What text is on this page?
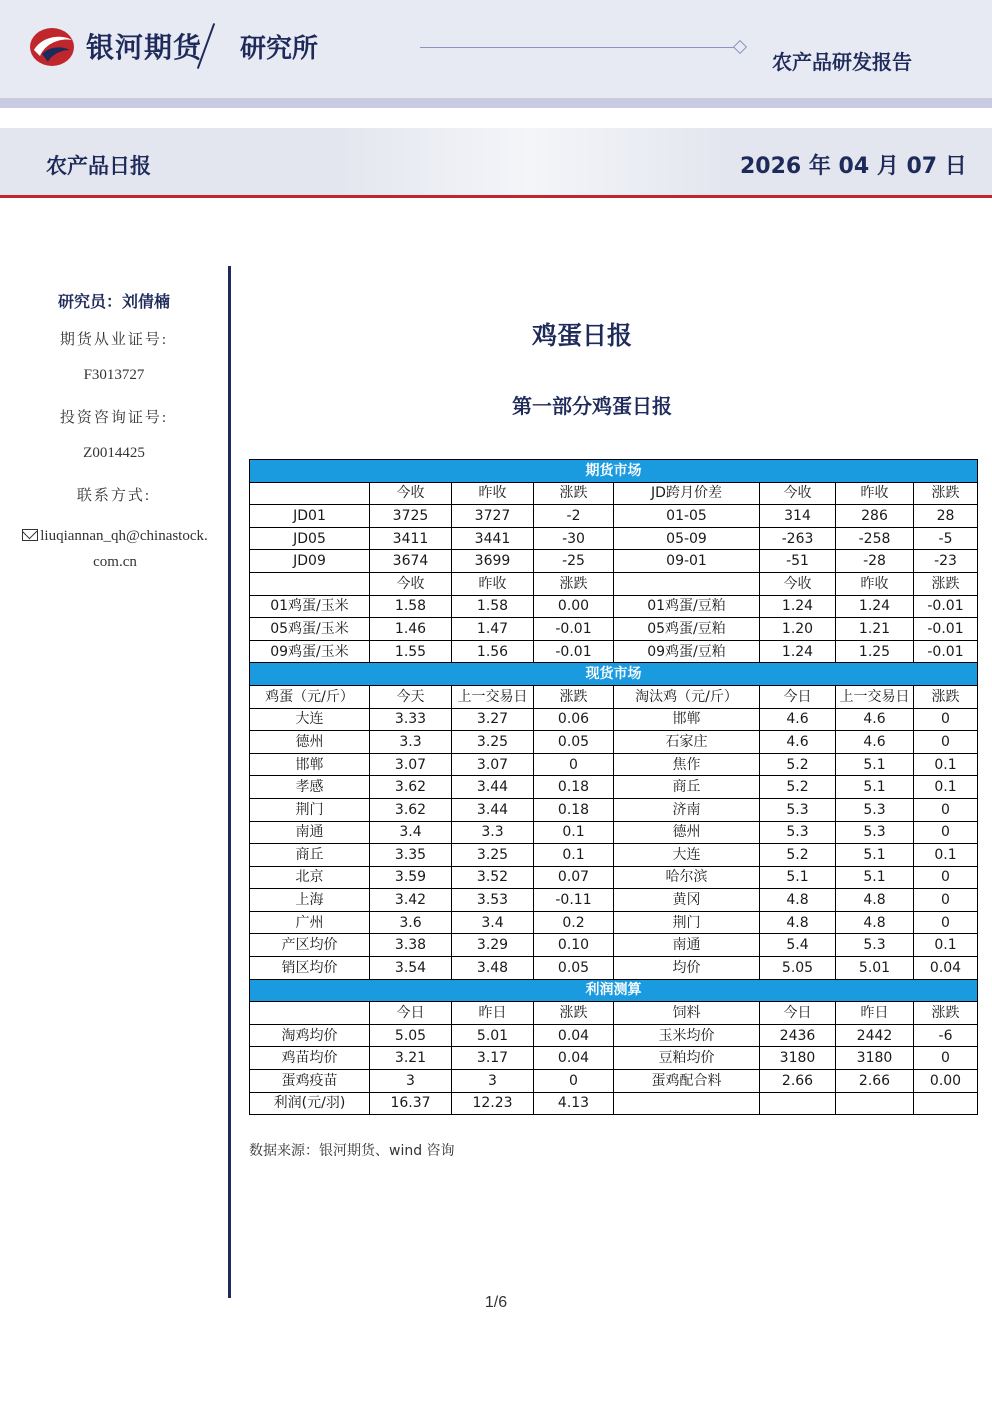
银河期货 研究所	农产品研发报告
农产品日报	2026 年 04 月 07 日
研究员：刘倩楠
期货从业证号:
F3013727
投资咨询证号:
Z0014425
联系方式:
liuqiannan_qh@chinastock.
com.cn
鸡蛋日报
第一部分鸡蛋日报
期货市场							
	今收	昨收	涨跌	JD跨月价差	今收	昨收	涨跌
JD01	3725	3727	-2	01-05	314	286	28
JD05	3411	3441	-30	05-09	-263	-258	-5
JD09	3674	3699	-25	09-01	-51	-28	-23
	今收	昨收	涨跌		今收	昨收	涨跌
01鸡蛋/玉米	1.58	1.58	0.00	01鸡蛋/豆粕	1.24	1.24	-0.01
05鸡蛋/玉米	1.46	1.47	-0.01	05鸡蛋/豆粕	1.20	1.21	-0.01
09鸡蛋/玉米	1.55	1.56	-0.01	09鸡蛋/豆粕	1.24	1.25	-0.01
现货市场							
鸡蛋（元/斤）	今天	上一交易日	涨跌	淘汰鸡（元/斤）	今日	上一交易日	涨跌
大连	3.33	3.27	0.06	邯郸	4.6	4.6	0
德州	3.3	3.25	0.05	石家庄	4.6	4.6	0
邯郸	3.07	3.07	0	焦作	5.2	5.1	0.1
孝感	3.62	3.44	0.18	商丘	5.2	5.1	0.1
荆门	3.62	3.44	0.18	济南	5.3	5.3	0
南通	3.4	3.3	0.1	德州	5.3	5.3	0
商丘	3.35	3.25	0.1	大连	5.2	5.1	0.1
北京	3.59	3.52	0.07	哈尔滨	5.1	5.1	0
上海	3.42	3.53	-0.11	黄冈	4.8	4.8	0
广州	3.6	3.4	0.2	荆门	4.8	4.8	0
产区均价	3.38	3.29	0.10	南通	5.4	5.3	0.1
销区均价	3.54	3.48	0.05	均价	5.05	5.01	0.04
利润测算							
	今日	昨日	涨跌	饲料	今日	昨日	涨跌
淘鸡均价	5.05	5.01	0.04	玉米均价	2436	2442	-6
鸡苗均价	3.21	3.17	0.04	豆粕均价	3180	3180	0
蛋鸡疫苗	3	3	0	蛋鸡配合料	2.66	2.66	0.00
利润(元/羽)	16.37	12.23	4.13				
数据来源：银河期货、wind 咨询
1/6
